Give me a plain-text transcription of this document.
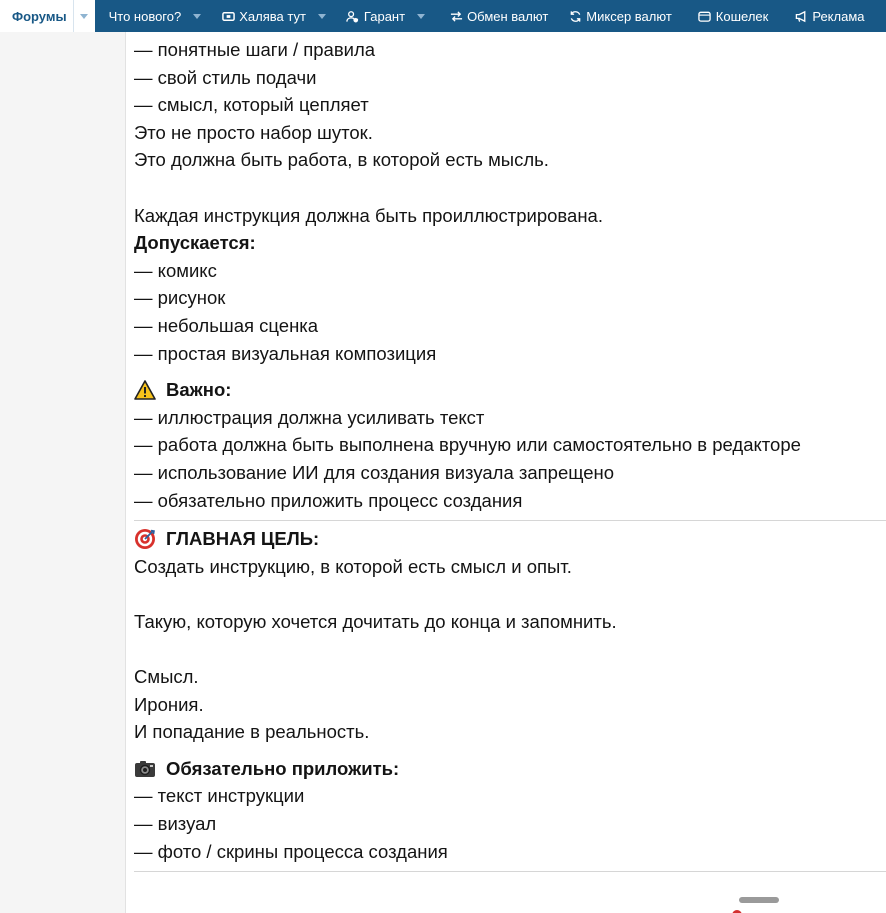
Форумы	Что нового?	Халява тут	Гарант	Обмен валют	Миксер валют	Кошелек	Реклама
— понятные шаги / правила
— свой стиль подачи
— смысл, который цепляет
Это не просто набор шуток.
Это должна быть работа, в которой есть мысль.
Каждая инструкция должна быть проиллюстрирована.
Допускается:
— комикс
— рисунок
— небольшая сценка
— простая визуальная композиция
Важно:
— иллюстрация должна усиливать текст
— работа должна быть выполнена вручную или самостоятельно в редакторе
— использование ИИ для создания визуала запрещено
— обязательно приложить процесс создания
ГЛАВНАЯ ЦЕЛЬ:
Создать инструкцию, в которой есть смысл и опыт.
Такую, которую хочется дочитать до конца и запомнить.
Смысл.
Ирония.
И попадание в реальность.
Обязательно приложить:
— текст инструкции
— визуал
— фото / скрины процесса создания
